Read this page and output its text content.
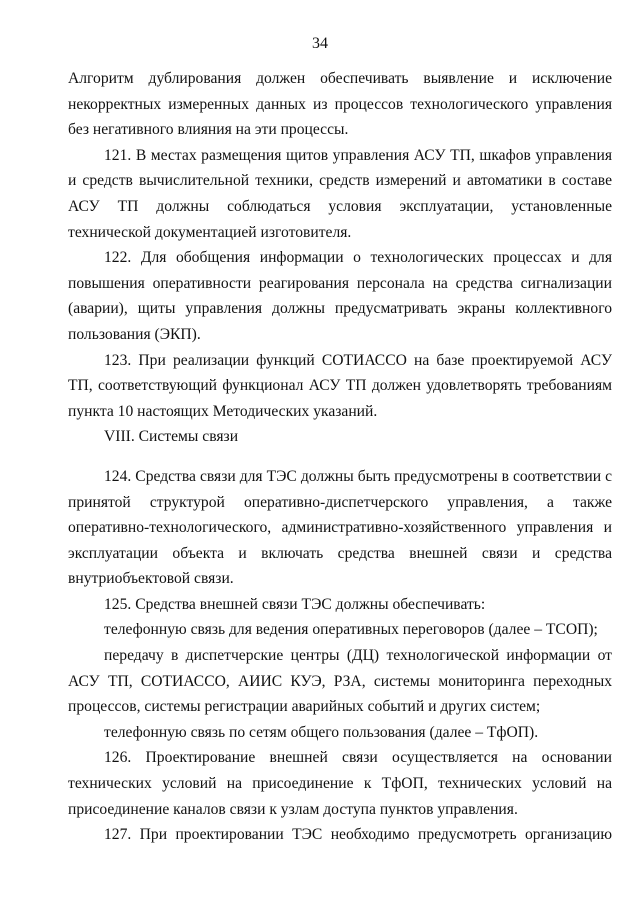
34

Алгоритм дублирования должен обеспечивать выявление и исключение некорректных измеренных данных из процессов технологического управления без негативного влияния на эти процессы.

121. В местах размещения щитов управления АСУ ТП, шкафов управления и средств вычислительной техники, средств измерений и автоматики в составе АСУ ТП должны соблюдаться условия эксплуатации, установленные технической документацией изготовителя.

122. Для обобщения информации о технологических процессах и для повышения оперативности реагирования персонала на средства сигнализации (аварии), щиты управления должны предусматривать экраны коллективного пользования (ЭКП).

123. При реализации функций СОТИАССО на базе проектируемой АСУ ТП, соответствующий функционал АСУ ТП должен удовлетворять требованиям пункта 10 настоящих Методических указаний.

VIII. Системы связи

124. Средства связи для ТЭС должны быть предусмотрены в соответствии с принятой структурой оперативно-диспетчерского управления, а также оперативно-технологического, административно-хозяйственного управления и эксплуатации объекта и включать средства внешней связи и средства внутриобъектовой связи.

125. Средства внешней связи ТЭС должны обеспечивать:

телефонную связь для ведения оперативных переговоров (далее – ТСОП);

передачу в диспетчерские центры (ДЦ) технологической информации от АСУ ТП, СОТИАССО, АИИС КУЭ, РЗА, системы мониторинга переходных процессов, системы регистрации аварийных событий и других систем;

телефонную связь по сетям общего пользования (далее – ТфОП).

126. Проектирование внешней связи осуществляется на основании технических условий на присоединение к ТфОП, технических условий на присоединение каналов связи к узлам доступа пунктов управления.

127. При проектировании ТЭС необходимо предусмотреть организацию
